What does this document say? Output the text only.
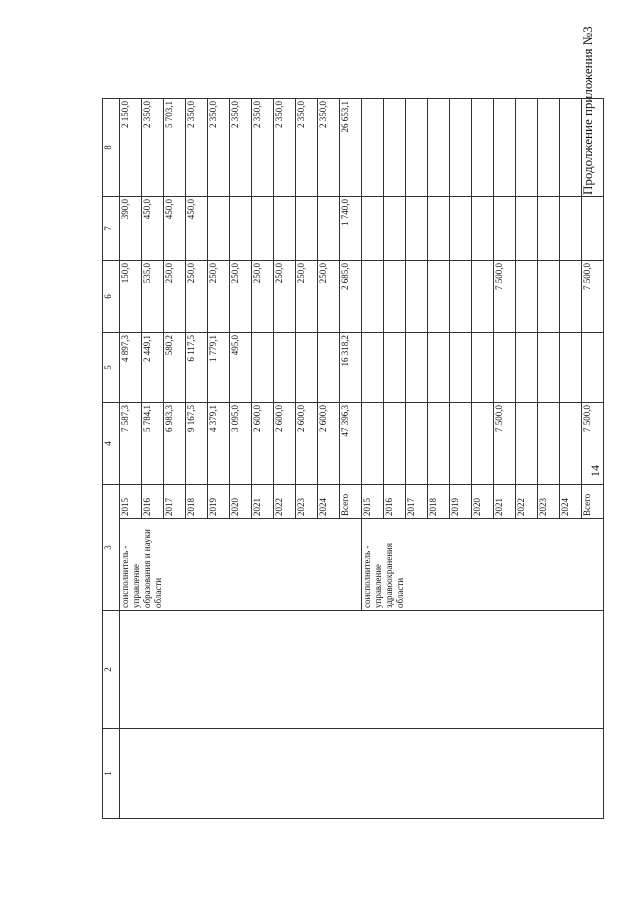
14
Продолжение приложения №3
1	2	3		4	5	6	7	8
		соисполнитель - управление образования и науки области	2015	7 587,3	4 897,3	150,0	390,0	2 150,0
			2016	5 784,1	2 449,1	535,0	450,0	2 350,0
			2017	6 983,3	580,2	250,0	450,0	5 703,1
			2018	9 167,5	6 117,5	250,0	450,0	2 350,0
			2019	4 379,1	1 779,1	250,0		2 350,0
			2020	3 095,0	495,0	250,0		2 350,0
			2021	2 600,0		250,0		2 350,0
			2022	2 600,0		250,0		2 350,0
			2023	2 600,0		250,0		2 350,0
			2024	2 600,0		250,0		2 350,0
			Всего	47 396,3	16 318,2	2 685,0	1 740,0	26 653,1
		соисполнитель - управление здравоохранения области	2015					
			2016					
			2017					
			2018					
			2019					
			2020					
			2021	7 500,0		7 500,0		
			2022					
			2023					
			2024					
			Всего	7 500,0		7 500,0		
